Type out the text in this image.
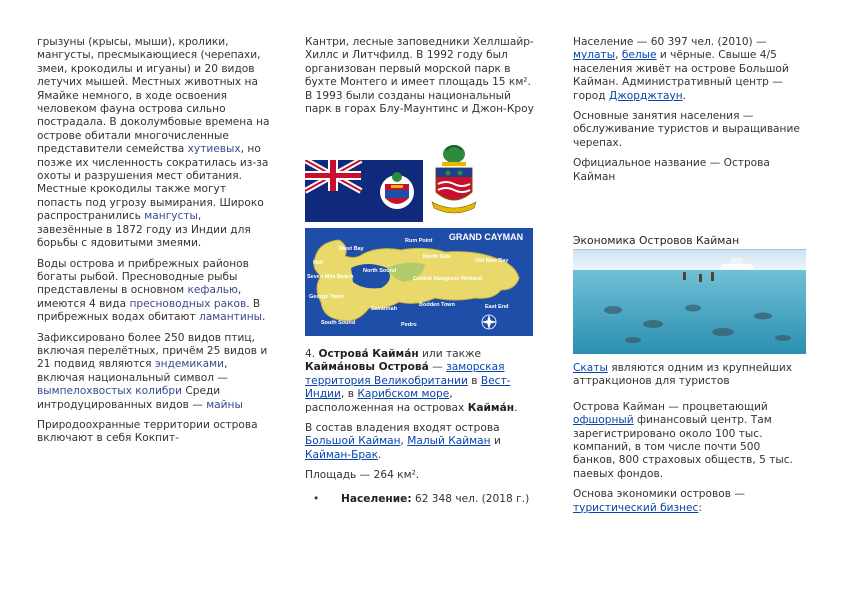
грызуны (крысы, мыши), кролики, мангусты, пресмыкающиеся (черепахи, змеи, крокодилы и игуаны) и 20 видов летучих мышей. Местных животных на Ямайке немного, в ходе освоения человеком фауна острова сильно пострадала. В доколумбовые времена на острове обитали многочисленные представители семейства хутиевых, но позже их численность сократилась из-за охоты и разрушения мест обитания. Местные крокодилы также могут попасть под угрозу вымирания. Широко распространились мангусты, завезённые в 1872 году из Индии для борьбы с ядовитыми змеями.

Воды острова и прибрежных районов богаты рыбой. Пресноводные рыбы представлены в основном кефалью, имеются 4 вида пресноводных раков. В прибрежных водах обитают ламантины.

Зафиксировано более 250 видов птиц, включая перелётных, причём 25 видов и 21 подвид являются эндемиками, включая национальный символ — вымпелохвостых колибри Среди интродуцированных видов — майны

Природоохранные территории острова включают в себя Кокпит-

Кантри, лесные заповедники Хеллшайр-Хиллс и Литчфилд. В 1992 году был организован первый морской парк в бухте Монтего и имеет площадь 15 км². В 1993 были созданы национальный парк в горах Блу-Маунтинс и Джон-Кроу

GRAND CAYMAN
West Bay
Hell
North Sound
North Side
Old Man Bay
Rum Point
Seven Mile Beach
George Town
Central Mangrove Wetland
Bodden Town	East End
Savannah
Pedro
South Sound

4. Острова́ Кайма́н или также Кайма́новы Острова́ — заморская территория Великобритании в Вест-Индии, в Карибском море, расположенная на островах Кайма́н.

В состав владения входят острова Большой Кайман, Малый Кайман и Кайман-Брак.

Площадь — 264 км².

• Население: 62 348 чел. (2018 г.)

Население — 60 397 чел. (2010) — мулаты, белые и чёрные. Свыше 4/5 населения живёт на острове Большой Кайман. Административный центр — город Джорджтаун.

Основные занятия населения — обслуживание туристов и выращивание черепах.

Официальное название — Острова Кайман

Экономика Островов Кайман

Скаты являются одним из крупнейших аттракционов для туристов

Острова Кайман — процветающий офшорный финансовый центр. Там зарегистрировано около 100 тыс. компаний, в том числе почти 500 банков, 800 страховых обществ, 5 тыс. паевых фондов.

Основа экономики островов — туристический бизнес:
